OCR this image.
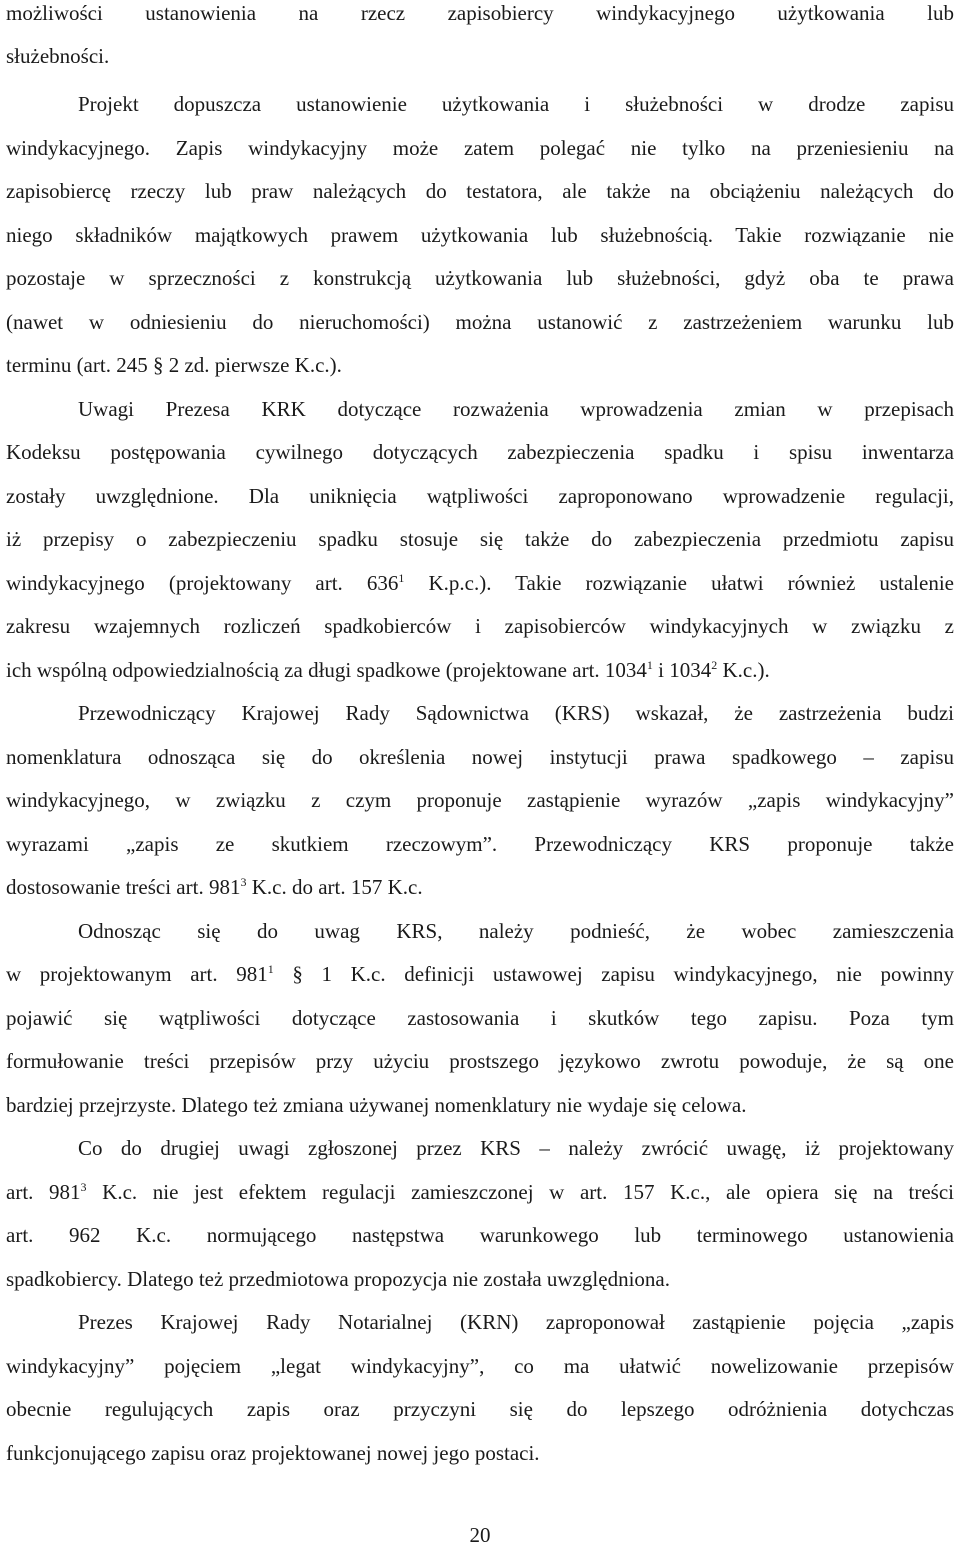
możliwości ustanowienia na rzecz zapisobiercy windykacyjnego użytkowania lub
służebności.
Projekt dopuszcza ustanowienie użytkowania i służebności w drodze zapisu
windykacyjnego. Zapis windykacyjny może zatem polegać nie tylko na przeniesieniu na
zapisobiercę rzeczy lub praw należących do testatora, ale także na obciążeniu należących do
niego składników majątkowych prawem użytkowania lub służebnością. Takie rozwiązanie nie
pozostaje w sprzeczności z konstrukcją użytkowania lub służebności, gdyż oba te prawa
(nawet w odniesieniu do nieruchomości) można ustanowić z zastrzeżeniem warunku lub
terminu (art. 245 § 2 zd. pierwsze K.c.).
Uwagi Prezesa KRK dotyczące rozważenia wprowadzenia zmian w przepisach
Kodeksu postępowania cywilnego dotyczących zabezpieczenia spadku i spisu inwentarza
zostały uwzględnione. Dla uniknięcia wątpliwości zaproponowano wprowadzenie regulacji,
iż przepisy o zabezpieczeniu spadku stosuje się także do zabezpieczenia przedmiotu zapisu
windykacyjnego (projektowany art. $636^1$ K.p.c.). Takie rozwiązanie ułatwi również ustalenie
zakresu wzajemnych rozliczeń spadkobierców i zapisobierców windykacyjnych w związku z
ich wspólną odpowiedzialnością za długi spadkowe (projektowane art. 1034$^1$ i 1034$^2$ K.c.).
Przewodniczący Krajowej Rady Sądownictwa (KRS) wskazał, że zastrzeżenia budzi
nomenklatura odnosząca się do określenia nowej instytucji prawa spadkowego – zapisu
windykacyjnego, w związku z czym proponuje zastąpienie wyrazów „zapis windykacyjny”
wyrazami „zapis ze skutkiem rzeczowym”. Przewodniczący KRS proponuje także
dostosowanie treści art. $981^3$ K.c. do art. 157 K.c.
Odnosząc się do uwag KRS, należy podnieść, że wobec zamieszczenia
w projektowanym art. $981^1$ § 1 K.c. definicji ustawowej zapisu windykacyjnego, nie powinny
pojawić się wątpliwości dotyczące zastosowania i skutków tego zapisu. Poza tym
formułowanie treści przepisów przy użyciu prostszego językowo zwrotu powoduje, że są one
bardziej przejrzyste. Dlatego też zmiana używanej nomenklatury nie wydaje się celowa.
Co do drugiej uwagi zgłoszonej przez KRS – należy zwrócić uwagę, iż projektowany
art. $981^3$ K.c. nie jest efektem regulacji zamieszczonej w art. 157 K.c., ale opiera się na treści
art. 962 K.c. normującego następstwa warunkowego lub terminowego ustanowienia
spadkobiercy. Dlatego też przedmiotowa propozycja nie została uwzględniona.
Prezes Krajowej Rady Notarialnej (KRN) zaproponował zastąpienie pojęcia „zapis
windykacyjny” pojęciem „legat windykacyjny”, co ma ułatwić nowelizowanie przepisów
obecnie regulujących zapis oraz przyczyni się do lepszego odróżnienia dotychczas
funkcjonującego zapisu oraz projektowanej nowej jego postaci.
20
